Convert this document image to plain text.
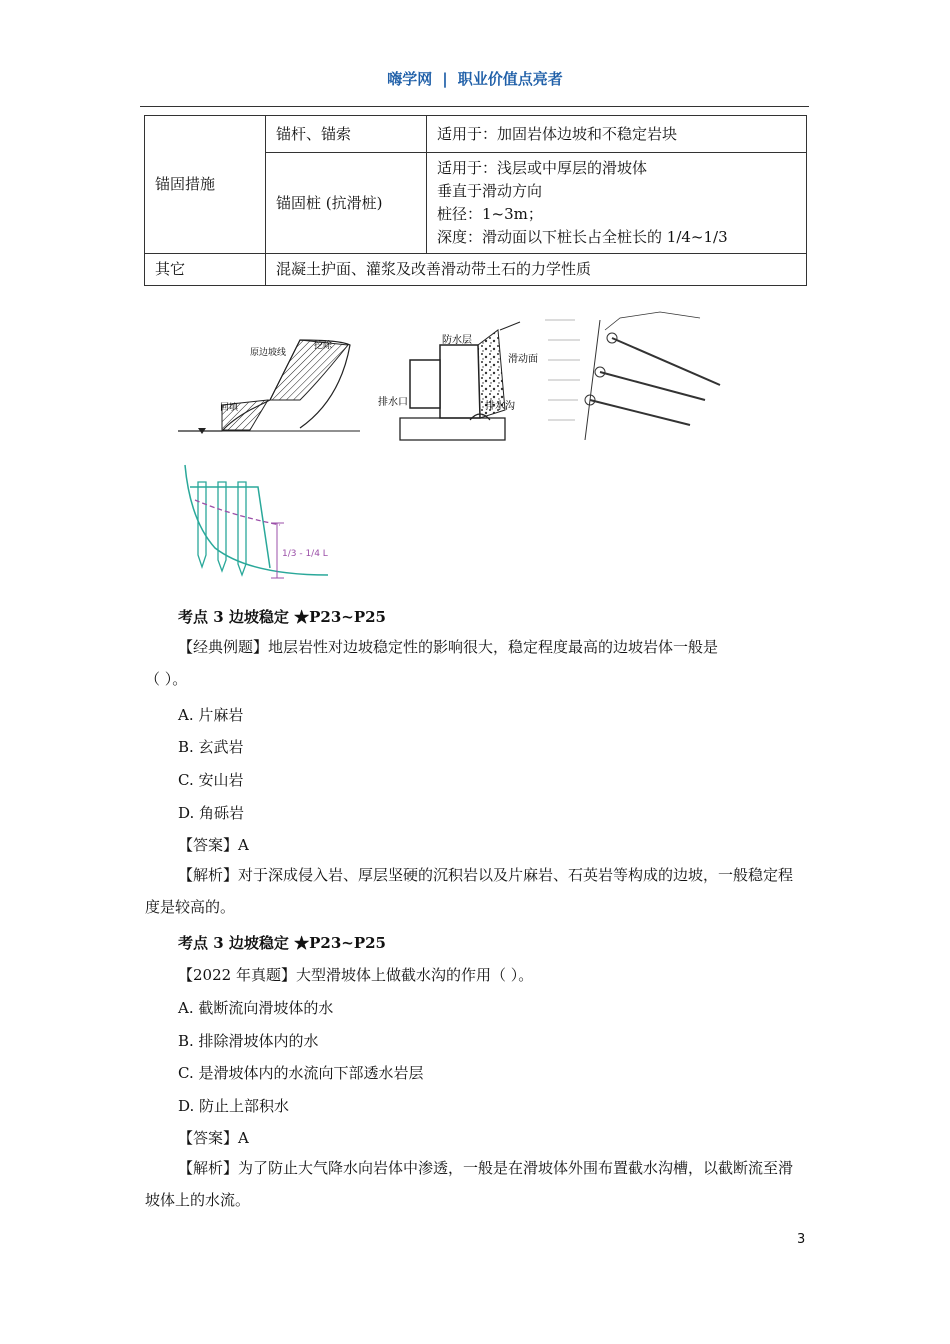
嗨学网 | 职业价值点亮者
锚固措施	锚杆、锚索	适用于：加固岩体边坡和不稳定岩块
	锚固桩 (抗滑桩)	适用于：浅层或中厚层的滑坡体
垂直于滑动方向
桩径：1~3m；
深度：滑动面以下桩长占全桩长的 1/4~1/3

其它	混凝土护面、灌浆及改善滑动带土石的力学性质	
原边坡线
挖除
回填
防水层
滑动面
排水口	排水沟
1/3 - 1/4 L
考点 3 边坡稳定 ★P23~P25
【经典例题】地层岩性对边坡稳定性的影响很大，稳定程度最高的边坡岩体一般是
（ ）。
A. 片麻岩
B. 玄武岩
C. 安山岩
D. 角砾岩
【答案】A
【解析】对于深成侵入岩、厚层坚硬的沉积岩以及片麻岩、石英岩等构成的边坡，一般稳定程度是较高的。
考点 3 边坡稳定 ★P23~P25
【2022 年真题】大型滑坡体上做截水沟的作用（ ）。
A. 截断流向滑坡体的水
B. 排除滑坡体内的水
C. 是滑坡体内的水流向下部透水岩层
D. 防止上部积水
【答案】A
【解析】为了防止大气降水向岩体中渗透，一般是在滑坡体外围布置截水沟槽，以截断流至滑坡体上的水流。
3
